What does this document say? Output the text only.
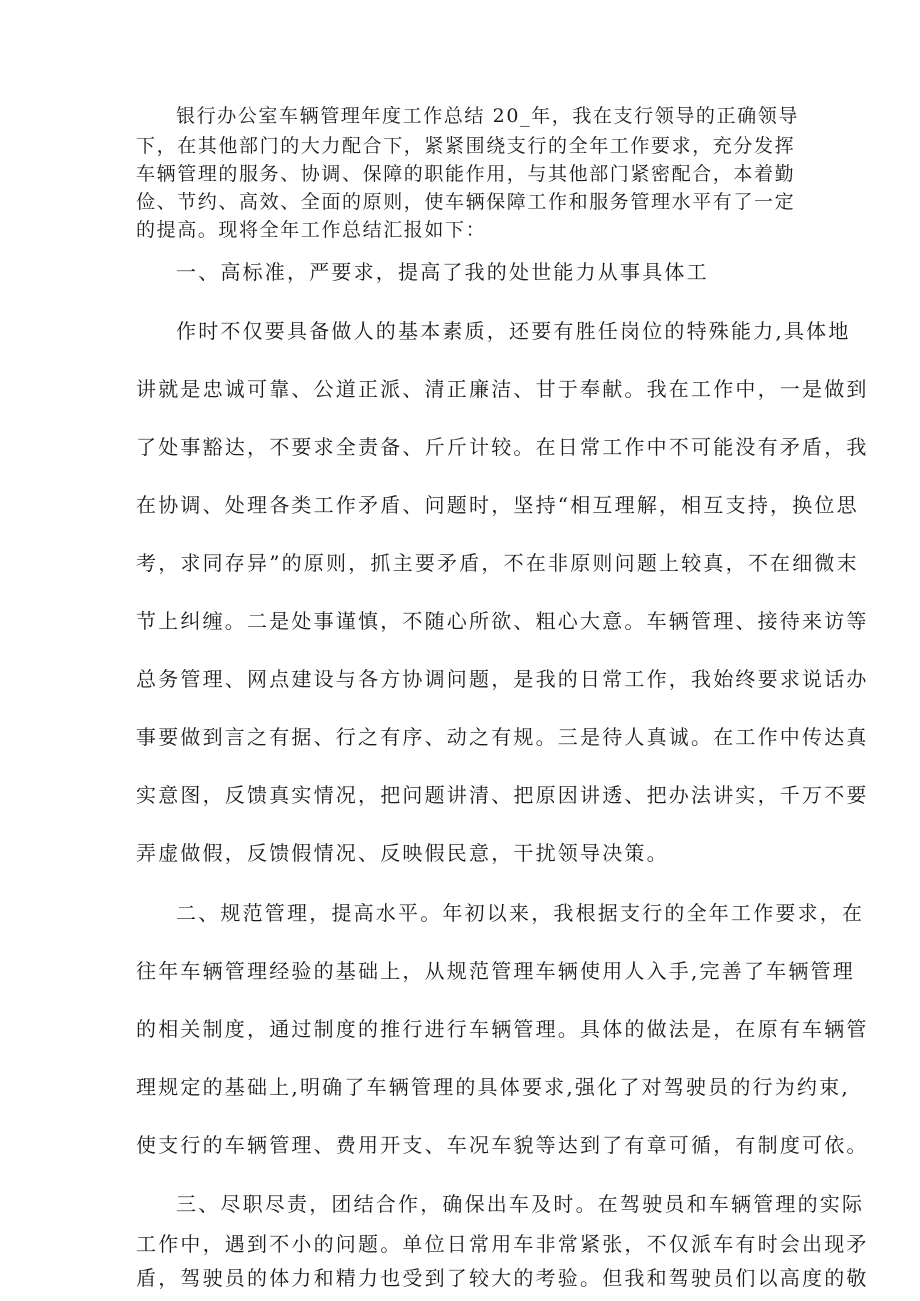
银行办公室车辆管理年度工作总结 20_年，我在支行领导的正确领导

下，在其他部门的大力配合下，紧紧围绕支行的全年工作要求，充分发挥

车辆管理的服务、协调、保障的职能作用，与其他部门紧密配合，本着勤

俭、节约、高效、全面的原则，使车辆保障工作和服务管理水平有了一定

的提高。现将全年工作总结汇报如下：

一、高标准，严要求，提高了我的处世能力从事具体工

作时不仅要具备做人的基本素质，还要有胜任岗位的特殊能力,具体地

讲就是忠诚可靠、公道正派、清正廉洁、甘于奉献。我在工作中，一是做到

了处事豁达，不要求全责备、斤斤计较。在日常工作中不可能没有矛盾，我

在协调、处理各类工作矛盾、问题时，坚持“相互理解，相互支持，换位思

考，求同存异”的原则，抓主要矛盾，不在非原则问题上较真，不在细微末

节上纠缠。二是处事谨慎，不随心所欲、粗心大意。车辆管理、接待来访等

总务管理、网点建设与各方协调问题，是我的日常工作，我始终要求说话办

事要做到言之有据、行之有序、动之有规。三是待人真诚。在工作中传达真

实意图，反馈真实情况，把问题讲清、把原因讲透、把办法讲实，千万不要

弄虚做假，反馈假情况、反映假民意，干扰领导决策。

二、规范管理，提高水平。年初以来，我根据支行的全年工作要求，在

往年车辆管理经验的基础上，从规范管理车辆使用人入手,完善了车辆管理

的相关制度，通过制度的推行进行车辆管理。具体的做法是，在原有车辆管

理规定的基础上,明确了车辆管理的具体要求,强化了对驾驶员的行为约束,

使支行的车辆管理、费用开支、车况车貌等达到了有章可循，有制度可依。

三、尽职尽责，团结合作，确保出车及时。在驾驶员和车辆管理的实际

工作中，遇到不小的问题。单位日常用车非常紧张，不仅派车有时会出现矛

盾，驾驶员的体力和精力也受到了较大的考验。但我和驾驶员们以高度的敬
